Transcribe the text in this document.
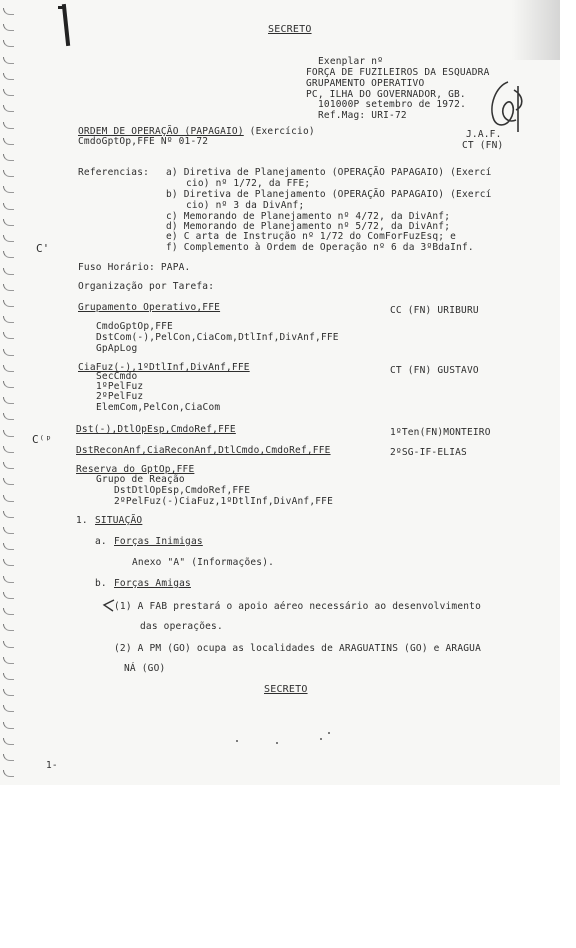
SECRETO
Exenplar nº
FORÇA DE FUZILEIROS DA ESQUADRA
GRUPAMENTO OPERATIVO
PC, ILHA DO GOVERNADOR, GB.
101000P setembro de 1972.
Ref.Mag: URI-72
J.A.F.
CT (FN)
ORDEM DE OPERAÇÃO (PAPAGAIO) (Exercício)
CmdoGptOp,FFE Nº 01-72
Referencias: a) Diretiva de Planejamento (OPERAÇÃO PAPAGAIO) (Exercí
cio) nº 1/72, da FFE;
b) Diretiva de Planejamento (OPERAÇÃO PAPAGAIO) (Exercí
cio) nº 3 da DivAnf;
c) Memorando de Planejamento nº 4/72, da DivAnf;
d) Memorando de Planejamento nº 5/72, da DivAnf;
e) C arta de Instrução nº 1/72 do ComForFuzEsq; e
f) Complemento à Ordem de Operação nº 6 da 3ºBdaInf.
C'
Fuso Horário: PAPA.
Organização por Tarefa:
Grupamento Operativo,FFE	CC (FN) URIBURU
CmdoGptOp,FFE
DstCom(-),PelCon,CiaCom,DtlInf,DivAnf,FFE
GpApLog
CiaFuz(-),1ºDtlInf,DivAnf,FFE	CT (FN) GUSTAVO
SecCmdo
1ºPelFuz
2ºPelFuz
ElemCom,PelCon,CiaCom
C⁽ᵖ
Dst(-),DtlOpEsp,CmdoRef,FFE	1ºTen(FN)MONTEIRO
DstReconAnf,CiaReconAnf,DtlCmdo,CmdoRef,FFE	2ºSG-IF-ELIAS
Reserva do GptOp,FFE
Grupo de Reação
DstDtlOpEsp,CmdoRef,FFE
2ºPelFuz(-)CiaFuz,1ºDtlInf,DivAnf,FFE
1. SITUAÇÃO
a. Forças Inimigas
Anexo "A" (Informações).
b. Forças Amigas
(1) A FAB prestará o apoio aéreo necessário ao desenvolvimento
das operações.
(2) A PM (GO) ocupa as localidades de ARAGUATINS (GO) e ARAGUA
NÁ (GO)
SECRETO
1-
